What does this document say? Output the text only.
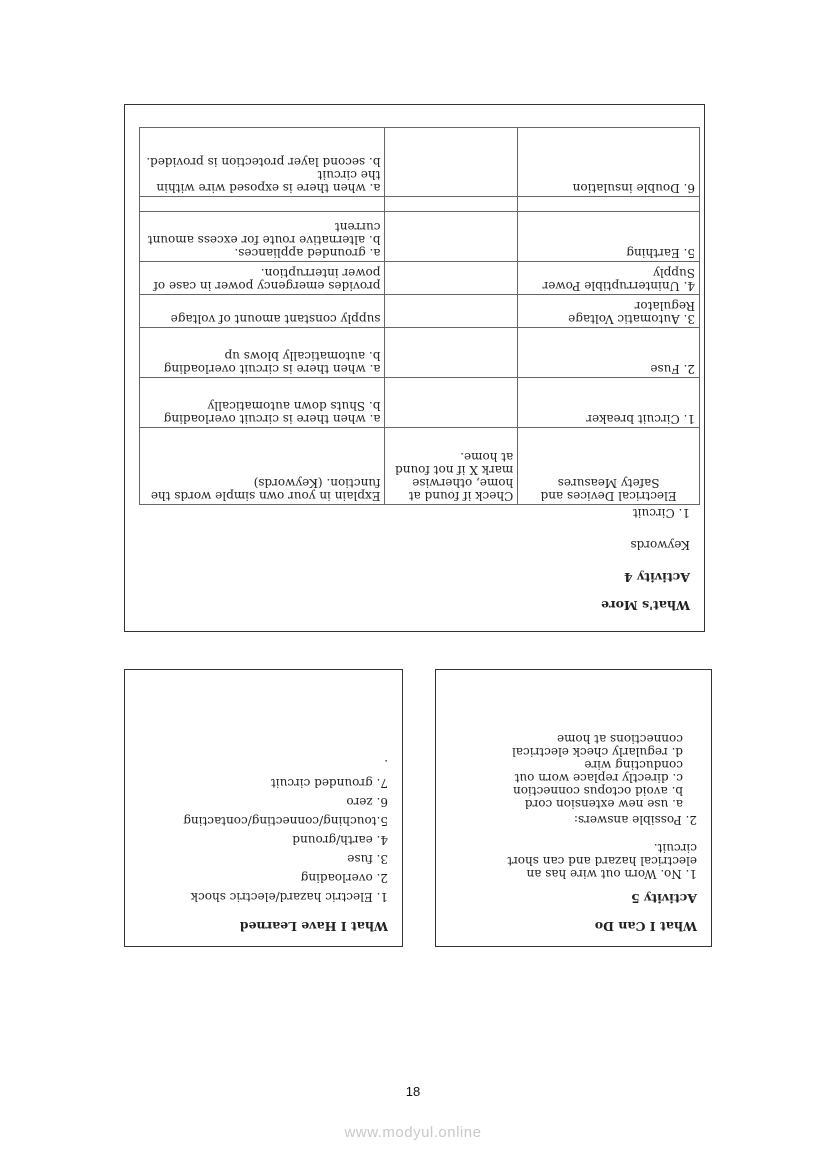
What's More
Activity 4
Keywords
1. Circuit
Electrical Devices and Safety Measures	Check if found at home, otherwise mark X if not found at home.	Explain in your own simple words the function. (Keywords)
1. Circuit breaker		a. when there is circuit overloading
b. Shuts down automatically
2. Fuse		a. when there is circuit overloading
b. automatically blows up
3. Automatic Voltage Regulator		supply constant amount of voltage
4. Uninterruptible Power Supply		provides emergency power in case of power interruption.
5. Earthing		a. grounded appliances.
b. alternative route for excess amount current

6. Double insulation		a. when there is exposed wire within the circuit
b. second layer protection is provided.
What I Can Do
Activity 5
1. No. Worn out wire has an electrical hazard and can short circuit.
2. Possible answers:
a. use new extension cord
b. avoid octopus connection
c. directly replace worn out conducting wire
d. regularly check electrical connections at home
What I Have Learned
1. Electric hazard/electric shock
2. overloading
3. fuse
4. earth/ground
5.touching/connecting/contacting
6. zero
7. grounded circuit
.
18
www.modyul.online
